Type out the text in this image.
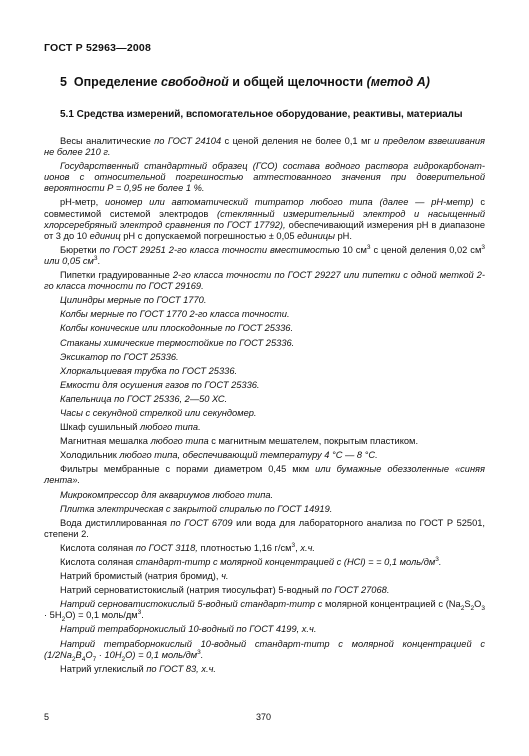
ГОСТ Р 52963—2008
5 Определение свободной и общей щелочности (метод А)
5.1 Средства измерений, вспомогательное оборудование, реактивы, материалы

Весы аналитические по ГОСТ 24104 с ценой деления не более 0,1 мг и пределом взвешивания не более 210 г.

Государственный стандартный образец (ГСО) состава водного раствора гидрокарбонат-ионов с относительной погрешностью аттестованного значения при доверительной вероятности Р = 0,95 не более 1 %.

pH-метр, иономер или автоматический титратор любого типа (далее — pH-метр) с совместимой системой электродов (стеклянный измерительный электрод и насыщенный хлорсеребряный электрод сравнения по ГОСТ 17792), обеспечивающий измерения pH в диапазоне от 3 до 10 единиц pH с допускаемой погрешностью ± 0,05 единицы pH.

Бюретки по ГОСТ 29251 2-го класса точности вместимостью 10 $см^3$ с ценой деления 0,02 $см^3$ или 0,05 $см^3$.

Пипетки градуированные 2-го класса точности по ГОСТ 29227 или пипетки с одной меткой 2-го класса точности по ГОСТ 29169.

Цилиндры мерные по ГОСТ 1770.

Колбы мерные по ГОСТ 1770 2-го класса точности.

Колбы конические или плоскодонные по ГОСТ 25336.

Стаканы химические термостойкие по ГОСТ 25336.

Эксикатор по ГОСТ 25336.

Хлоркальциевая трубка по ГОСТ 25336.

Емкости для осушения газов по ГОСТ 25336.

Капельница по ГОСТ 25336, 2—50 ХС.

Часы с секундной стрелкой или секундомер.

Шкаф сушильный любого типа.

Магнитная мешалка любого типа с магнитным мешателем, покрытым пластиком.

Холодильник любого типа, обеспечивающий температуру 4 °С — 8 °С.

Фильтры мембранные с порами диаметром 0,45 мкм или бумажные обеззоленные «синяя лента».

Микрокомпрессор для аквариумов любого типа.

Плитка электрическая с закрытой спиралью по ГОСТ 14919.

Вода дистиллированная по ГОСТ 6709 или вода для лабораторного анализа по ГОСТ Р 52501, степени 2.

Кислота соляная по ГОСТ 3118, плотностью 1,16 $г/см^3$, х.ч.

Кислота соляная стандарт-титр с молярной концентрацией с (HCl) = = 0,1 моль/$дм^3$.

Натрий бромистый (натрия бромид), ч.

Натрий серноватистокислый (натрия тиосульфат) 5-водный по ГОСТ 27068.

Натрий серноватистокислый 5-водный стандарт-титр с молярной концентрацией с $(Na_2S_2O_3 \cdot 5H_2O) = 0,1$ моль/$дм^3$.

Натрий тетраборнокислый 10-водный по ГОСТ 4199, х.ч.

Натрий тетраборнокислый 10-водный стандарт-титр с молярной концентрацией с $(1/2Na_2B_4O_7 \cdot 10H_2O) = 0,1$ моль/$дм^3$.

Натрий углекислый по ГОСТ 83, х.ч.

5	370
